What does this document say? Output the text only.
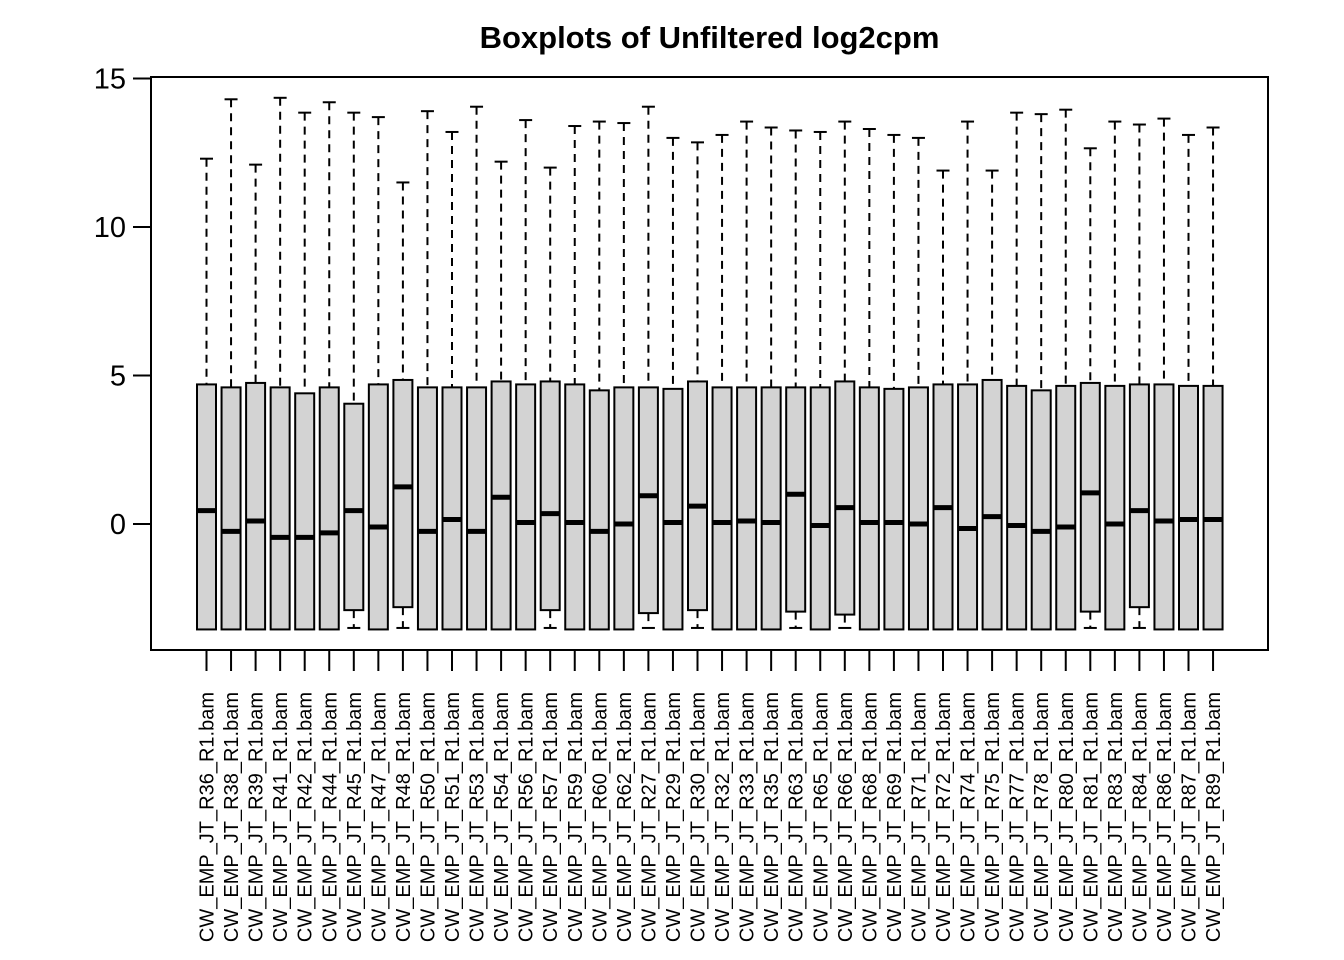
Boxplots of Unfiltered log2cpm
0
5
10
15
CW_EMP_JT_R36_R1.bam CW_EMP_JT_R38_R1.bam CW_EMP_JT_R39_R1.bam CW_EMP_JT_R41_R1.bam CW_EMP_JT_R42_R1.bam CW_EMP_JT_R44_R1.bam CW_EMP_JT_R45_R1.bam CW_EMP_JT_R47_R1.bam CW_EMP_JT_R48_R1.bam CW_EMP_JT_R50_R1.bam CW_EMP_JT_R51_R1.bam CW_EMP_JT_R53_R1.bam CW_EMP_JT_R54_R1.bam CW_EMP_JT_R56_R1.bam CW_EMP_JT_R57_R1.bam CW_EMP_JT_R59_R1.bam CW_EMP_JT_R60_R1.bam CW_EMP_JT_R62_R1.bam CW_EMP_JT_R27_R1.bam CW_EMP_JT_R29_R1.bam CW_EMP_JT_R30_R1.bam CW_EMP_JT_R32_R1.bam CW_EMP_JT_R33_R1.bam CW_EMP_JT_R35_R1.bam CW_EMP_JT_R63_R1.bam CW_EMP_JT_R65_R1.bam CW_EMP_JT_R66_R1.bam CW_EMP_JT_R68_R1.bam CW_EMP_JT_R69_R1.bam CW_EMP_JT_R71_R1.bam CW_EMP_JT_R72_R1.bam CW_EMP_JT_R74_R1.bam CW_EMP_JT_R75_R1.bam CW_EMP_JT_R77_R1.bam CW_EMP_JT_R78_R1.bam CW_EMP_JT_R80_R1.bam CW_EMP_JT_R81_R1.bam CW_EMP_JT_R83_R1.bam CW_EMP_JT_R84_R1.bam CW_EMP_JT_R86_R1.bam CW_EMP_JT_R87_R1.bam CW_EMP_JT_R89_R1.bam
